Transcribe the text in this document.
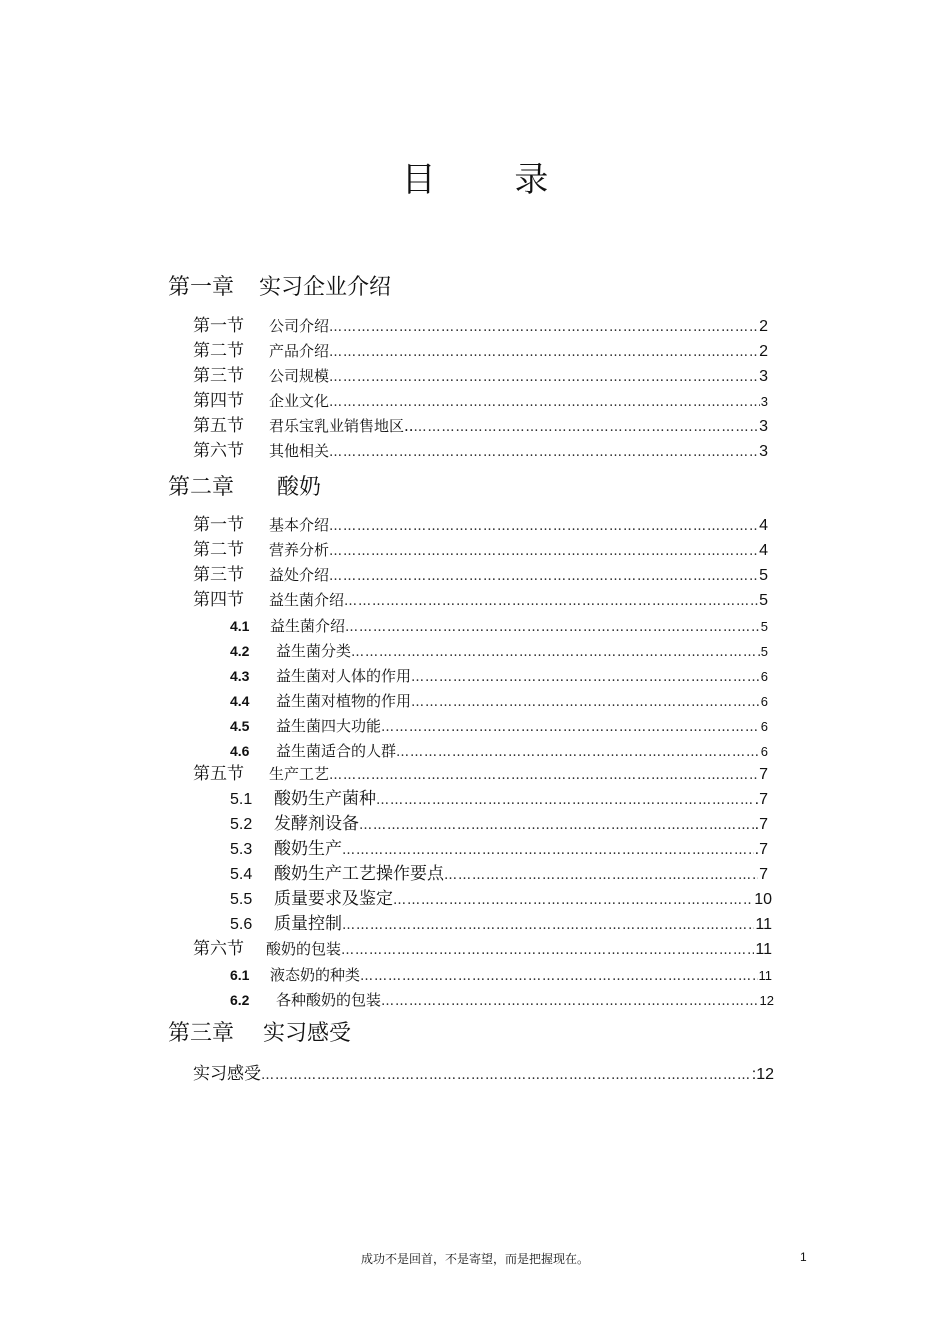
目 录
第一章 实习企业介绍
第一节	公司介绍 …………………………………………………………………………………………………………………………………………………	2
第二节	产品介绍 …………………………………………………………………………………………………………………………………………………	2
第三节	公司规模 …………………………………………………………………………………………………………………………………………………	3
第四节	企业文化 …………………………………………………………………………………………………………………………………………………	3
第五节	君乐宝乳业销售地区.. …………………………………………………………………………………………………………………………………………………	3
第六节	其他相关 …………………………………………………………………………………………………………………………………………………	3
第二章 酸奶
第一节	基本介绍 …………………………………………………………………………………………………………………………………………………	4
第二节	营养分析 …………………………………………………………………………………………………………………………………………………	4
第三节	益处介绍 …………………………………………………………………………………………………………………………………………………	5
第四节	益生菌介绍 …………………………………………………………………………………………………………………………………………………	5
4.1	益生菌介绍 …………………………………………………………………………………………………………………………………………………	5
4.2	益生菌分类 …………………………………………………………………………………………………………………………………………………	5
4.3	益生菌对人体的作用 …………………………………………………………………………………………………………………………………………………	6
4.4	益生菌对植物的作用 …………………………………………………………………………………………………………………………………………………	6
4.5	益生菌四大功能 …………………………………………………………………………………………………………………………………………………	6
4.6	益生菌适合的人群 …………………………………………………………………………………………………………………………………………………	6
第五节	生产工艺 …………………………………………………………………………………………………………………………………………………	7
5.1	酸奶生产菌种 …………………………………………………………………………………………………………………………………………………	.7
5.2	发酵剂设备 …………………………………………………………………………………………………………………………………………………	.7
5.3	酸奶生产 …………………………………………………………………………………………………………………………………………………	.7
5.4	酸奶生产工艺操作要点 …………………………………………………………………………………………………………………………………………………	7
5.5	质量要求及鉴定 …………………………………………………………………………………………………………………………………………………	10
5.6	质量控制 …………………………………………………………………………………………………………………………………………………	11
第六节	酸奶的包装 …………………………………………………………………………………………………………………………………………………	11
6.1	液态奶的种类 …………………………………………………………………………………………………………………………………………………	11
6.2	各种酸奶的包装 …………………………………………………………………………………………………………………………………………………	12
第三章 实习感受
实习感受 …………………………………………………………………………………………………………………………………………………	:12
成功不是回首，不是寄望，而是把握现在。	1
